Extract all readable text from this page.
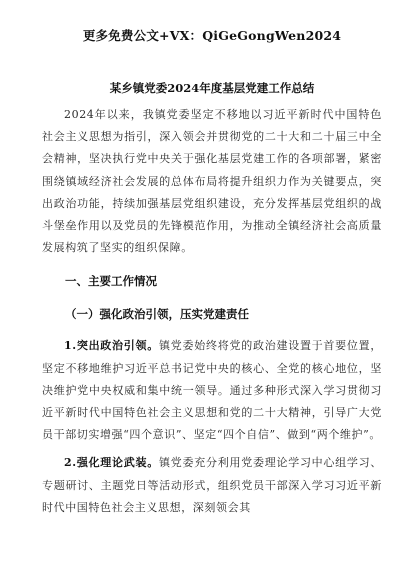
更多免费公文+VX：QiGeGongWen2024

某乡镇党委2024年度基层党建工作总结

2024年以来，我镇党委坚定不移地以习近平新时代中国特色社会主义思想为指引，深入领会并贯彻党的二十大和二十届三中全会精神，坚决执行党中央关于强化基层党建工作的各项部署，紧密围绕镇域经济社会发展的总体布局将提升组织力作为关键要点，突出政治功能，持续加强基层党组织建设，充分发挥基层党组织的战斗堡垒作用以及党员的先锋模范作用，为推动全镇经济社会高质量发展构筑了坚实的组织保障。

一、主要工作情况

（一）强化政治引领，压实党建责任

1.突出政治引领。镇党委始终将党的政治建设置于首要位置，坚定不移地维护习近平总书记党中央的核心、全党的核心地位，坚决维护党中央权威和集中统一领导。通过多种形式深入学习贯彻习近平新时代中国特色社会主义思想和党的二十大精神，引导广大党员干部切实增强“四个意识”、坚定“四个自信”、做到“两个维护”。

2.强化理论武装。镇党委充分利用党委理论学习中心组学习、专题研讨、主题党日等活动形式，组织党员干部深入学习习近平新时代中国特色社会主义思想，深刻领会其
